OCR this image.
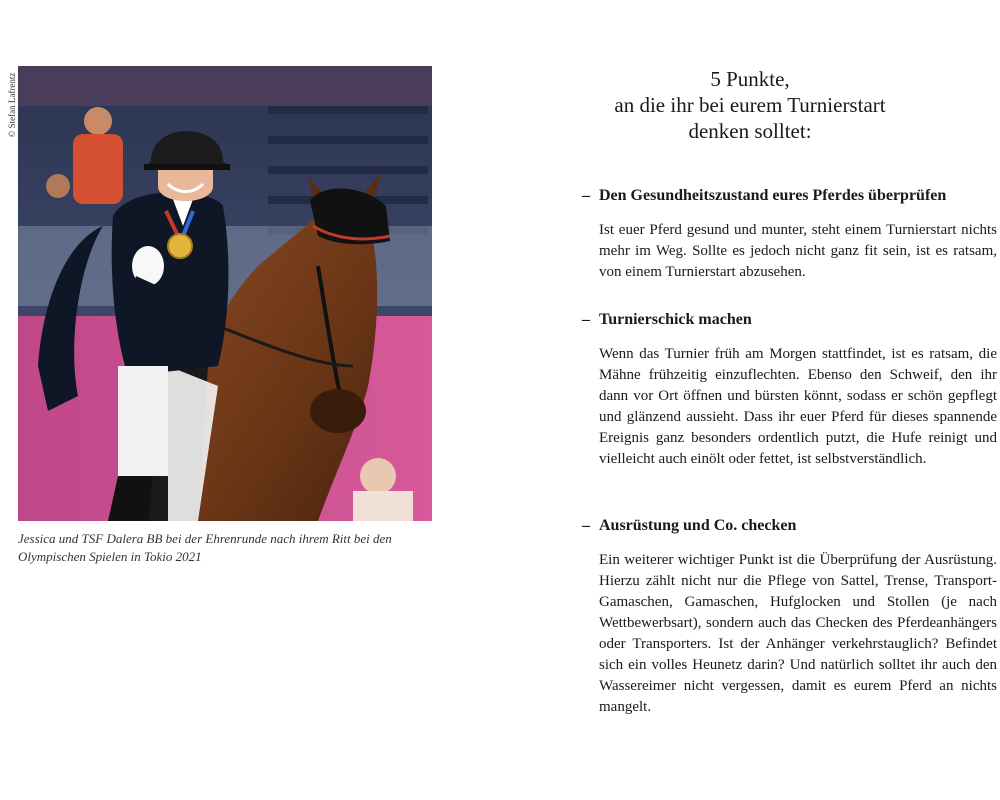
© Stefan Lafrentz
Jessica und TSF Dalera BB bei der Ehrenrunde nach ihrem Ritt bei den Olympischen Spielen in Tokio 2021
5 Punkte,
an die ihr bei eurem Turnierstart
denken solltet:
– Den Gesundheitszustand eures Pferdes überprüfen
Ist euer Pferd gesund und munter, steht einem Turnierstart nichts mehr im Weg. Sollte es jedoch nicht ganz fit sein, ist es ratsam, von einem Turnierstart abzusehen.
– Turnierschick machen
Wenn das Turnier früh am Morgen stattfindet, ist es ratsam, die Mähne frühzeitig einzuflechten. Ebenso den Schweif, den ihr dann vor Ort öffnen und bürsten könnt, sodass er schön gepflegt und glänzend aussieht. Dass ihr euer Pferd für dieses spannende Ereignis ganz besonders ordentlich putzt, die Hufe reinigt und vielleicht auch einölt oder fettet, ist selbstverständlich.
– Ausrüstung und Co. checken
Ein weiterer wichtiger Punkt ist die Überprüfung der Ausrüstung. Hierzu zählt nicht nur die Pflege von Sattel, Trense, Transport-Gamaschen, Gamaschen, Hufglocken und Stollen (je nach Wettbewerbsart), sondern auch das Checken des Pferdeanhängers oder Transporters. Ist der Anhänger verkehrstauglich? Befindet sich ein volles Heunetz darin? Und natürlich solltet ihr auch den Wassereimer nicht vergessen, damit es eurem Pferd an nichts mangelt.
